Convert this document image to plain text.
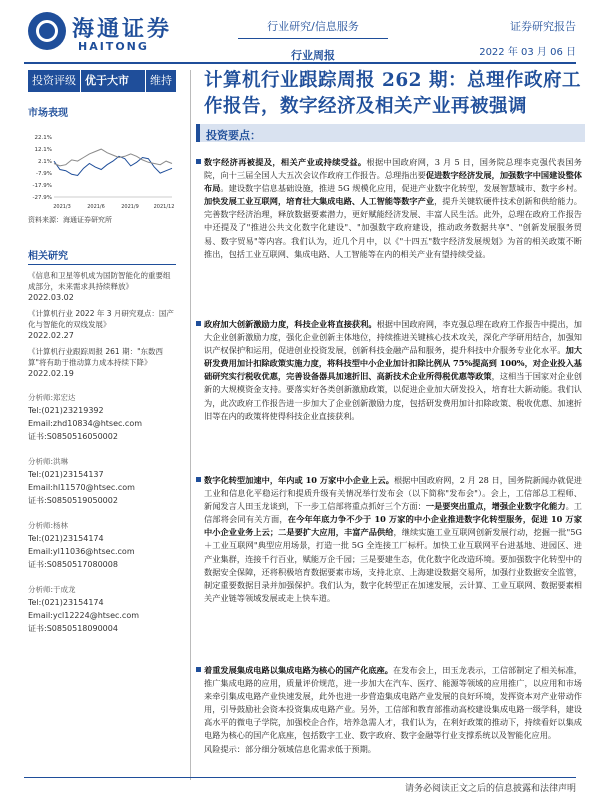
海通证券
HAITONG
行业研究/信息服务
行业周报
证券研究报告
2022 年 03 月 06 日
投资评级 优于大市	维持
市场表现
22.1%
12.1%
2.1%
-7.9%
-17.9%
-27.9%
2021/3	2021/6	2021/9	2021/12
资料来源：海通证券研究所
相关研究
《信息和卫星等机成为国防智能化的重要组成部分，未来需求具持续释放》
2022.03.02
《计算机行业 2022 年 3 月研究观点：国产化与智能化的双线发展》
2022.02.27
《计算机行业跟踪周报 261 期："东数西算"将有助于推动算力成本持续下降》
2022.02.19
分析师:郑宏达
Tel:(021)23219392
Email:zhd10834@htsec.com
证书:S0850516050002
分析师:洪琳
Tel:(021)23154137
Email:hl11570@htsec.com
证书:S0850519050002
分析师:杨林
Tel:(021)23154174
Email:yl11036@htsec.com
证书:S0850517080008
分析师:于成龙
Tel:(021)23154174
Email:ycl12224@htsec.com
证书:S0850518090004
计算机行业跟踪周报 262 期：总理作政府工作报告，数字经济及相关产业再被强调
投资要点：
数字经济再被提及，相关产业或持续受益。根据中国政府网，3 月 5 日，国务院总理李克强代表国务院，向十三届全国人大五次会议作政府工作报告。总理指出要促进数字经济发展，加强数字中国建设整体布局。建设数字信息基础设施，推进 5G 规模化应用，促进产业数字化转型，发展智慧城市、数字乡村。加快发展工业互联网，培育壮大集成电路、人工智能等数字产业，提升关键软硬件技术创新和供给能力。完善数字经济治理，释放数据要素潜力，更好赋能经济发展、丰富人民生活。此外，总理在政府工作报告中还提及了"推进公共文化数字化建设"、"加强数字政府建设，推动政务数据共享"、"创新发展服务贸易、数字贸易"等内容。我们认为，近几个月中，以《"十四五"数字经济发展规划》为首的相关政策不断推出，包括工业互联网、集成电路、人工智能等在内的相关产业有望持续受益。
政府加大创新激励力度，科技企业将直接获利。根据中国政府网，李克强总理在政府工作报告中提出，加大企业创新激励力度，强化企业创新主体地位，持续推进关键核心技术攻关，深化产学研用结合，加强知识产权保护和运用，促进创业投资发展，创新科技金融产品和服务，提升科技中介服务专业化水平。加大研发费用加计扣除政策实施力度，将科技型中小企业加计扣除比例从 75%提高到 100%，对企业投入基础研究实行税收优惠，完善设备器具加速折旧、高新技术企业所得税优惠等政策，这相当于国家对企业创新的大规模资金支持。要落实好各类创新激励政策，以促进企业加大研发投入，培育壮大新动能。我们认为，此次政府工作报告进一步加大了企业创新激励力度，包括研发费用加计扣除政策、税收优惠、加速折旧等在内的政策将使得科技企业直接获利。
数字化转型加速中，年内或 10 万家中小企业上云。根据中国政府网，2 月 28 日，国务院新闻办就促进工业和信息化平稳运行和提质升级有关情况举行发布会（以下简称"发布会"）。会上，工信部总工程师、新闻发言人田玉龙谈到，下一步工信部将重点抓好三个方面：一是要突出重点，增强企业数字化能力。工信部将会同有关方面，在今年年底力争不少于 10 万家的中小企业推进数字化转型服务，促进 10 万家中小企业业务上云；二是要扩大应用，丰富产品供给，继续实施工业互联网创新发展行动，挖掘一批"5G＋工业互联网"典型应用场景，打造一批 5G 全连接工厂标杆。加快工业互联网平台进基地、进园区、进产业集群，连接千行百业，赋能万企千园；三是要建生态，优化数字化改造环境。要加强数字化转型中的数据安全保障，还将积极培育数据要素市场，支持北京、上海建设数据交易所，加强行业数据安全监管，制定重要数据目录并加强保护。我们认为，数字化转型正在加速发展，云计算、工业互联网、数据要素相关产业链等领域发展或走上快车道。
着重发展集成电路以集成电路为核心的国产化底座。在发布会上，田玉龙表示，工信部制定了相关标准，推广集成电路的应用，质量评价规范，进一步加大在汽车、医疗、能源等领域的应用推广，以应用和市场来牵引集成电路产业快速发展，此外也进一步营造集成电路产业发展的良好环境，发挥资本对产业带动作用，引导鼓励社会资本投资集成电路产业。另外，工信部和教育部推动高校建设集成电路一级学科，建设高水平的微电子学院，加强校企合作，培养急需人才，我们认为，在利好政策的推动下，持续看好以集成电路为核心的国产化底座，包括数字工业、数字政府、数字金融等行业支撑系统以及智能化应用。
风险提示：部分细分领域信息化需求低于预期。
请务必阅读正文之后的信息披露和法律声明
